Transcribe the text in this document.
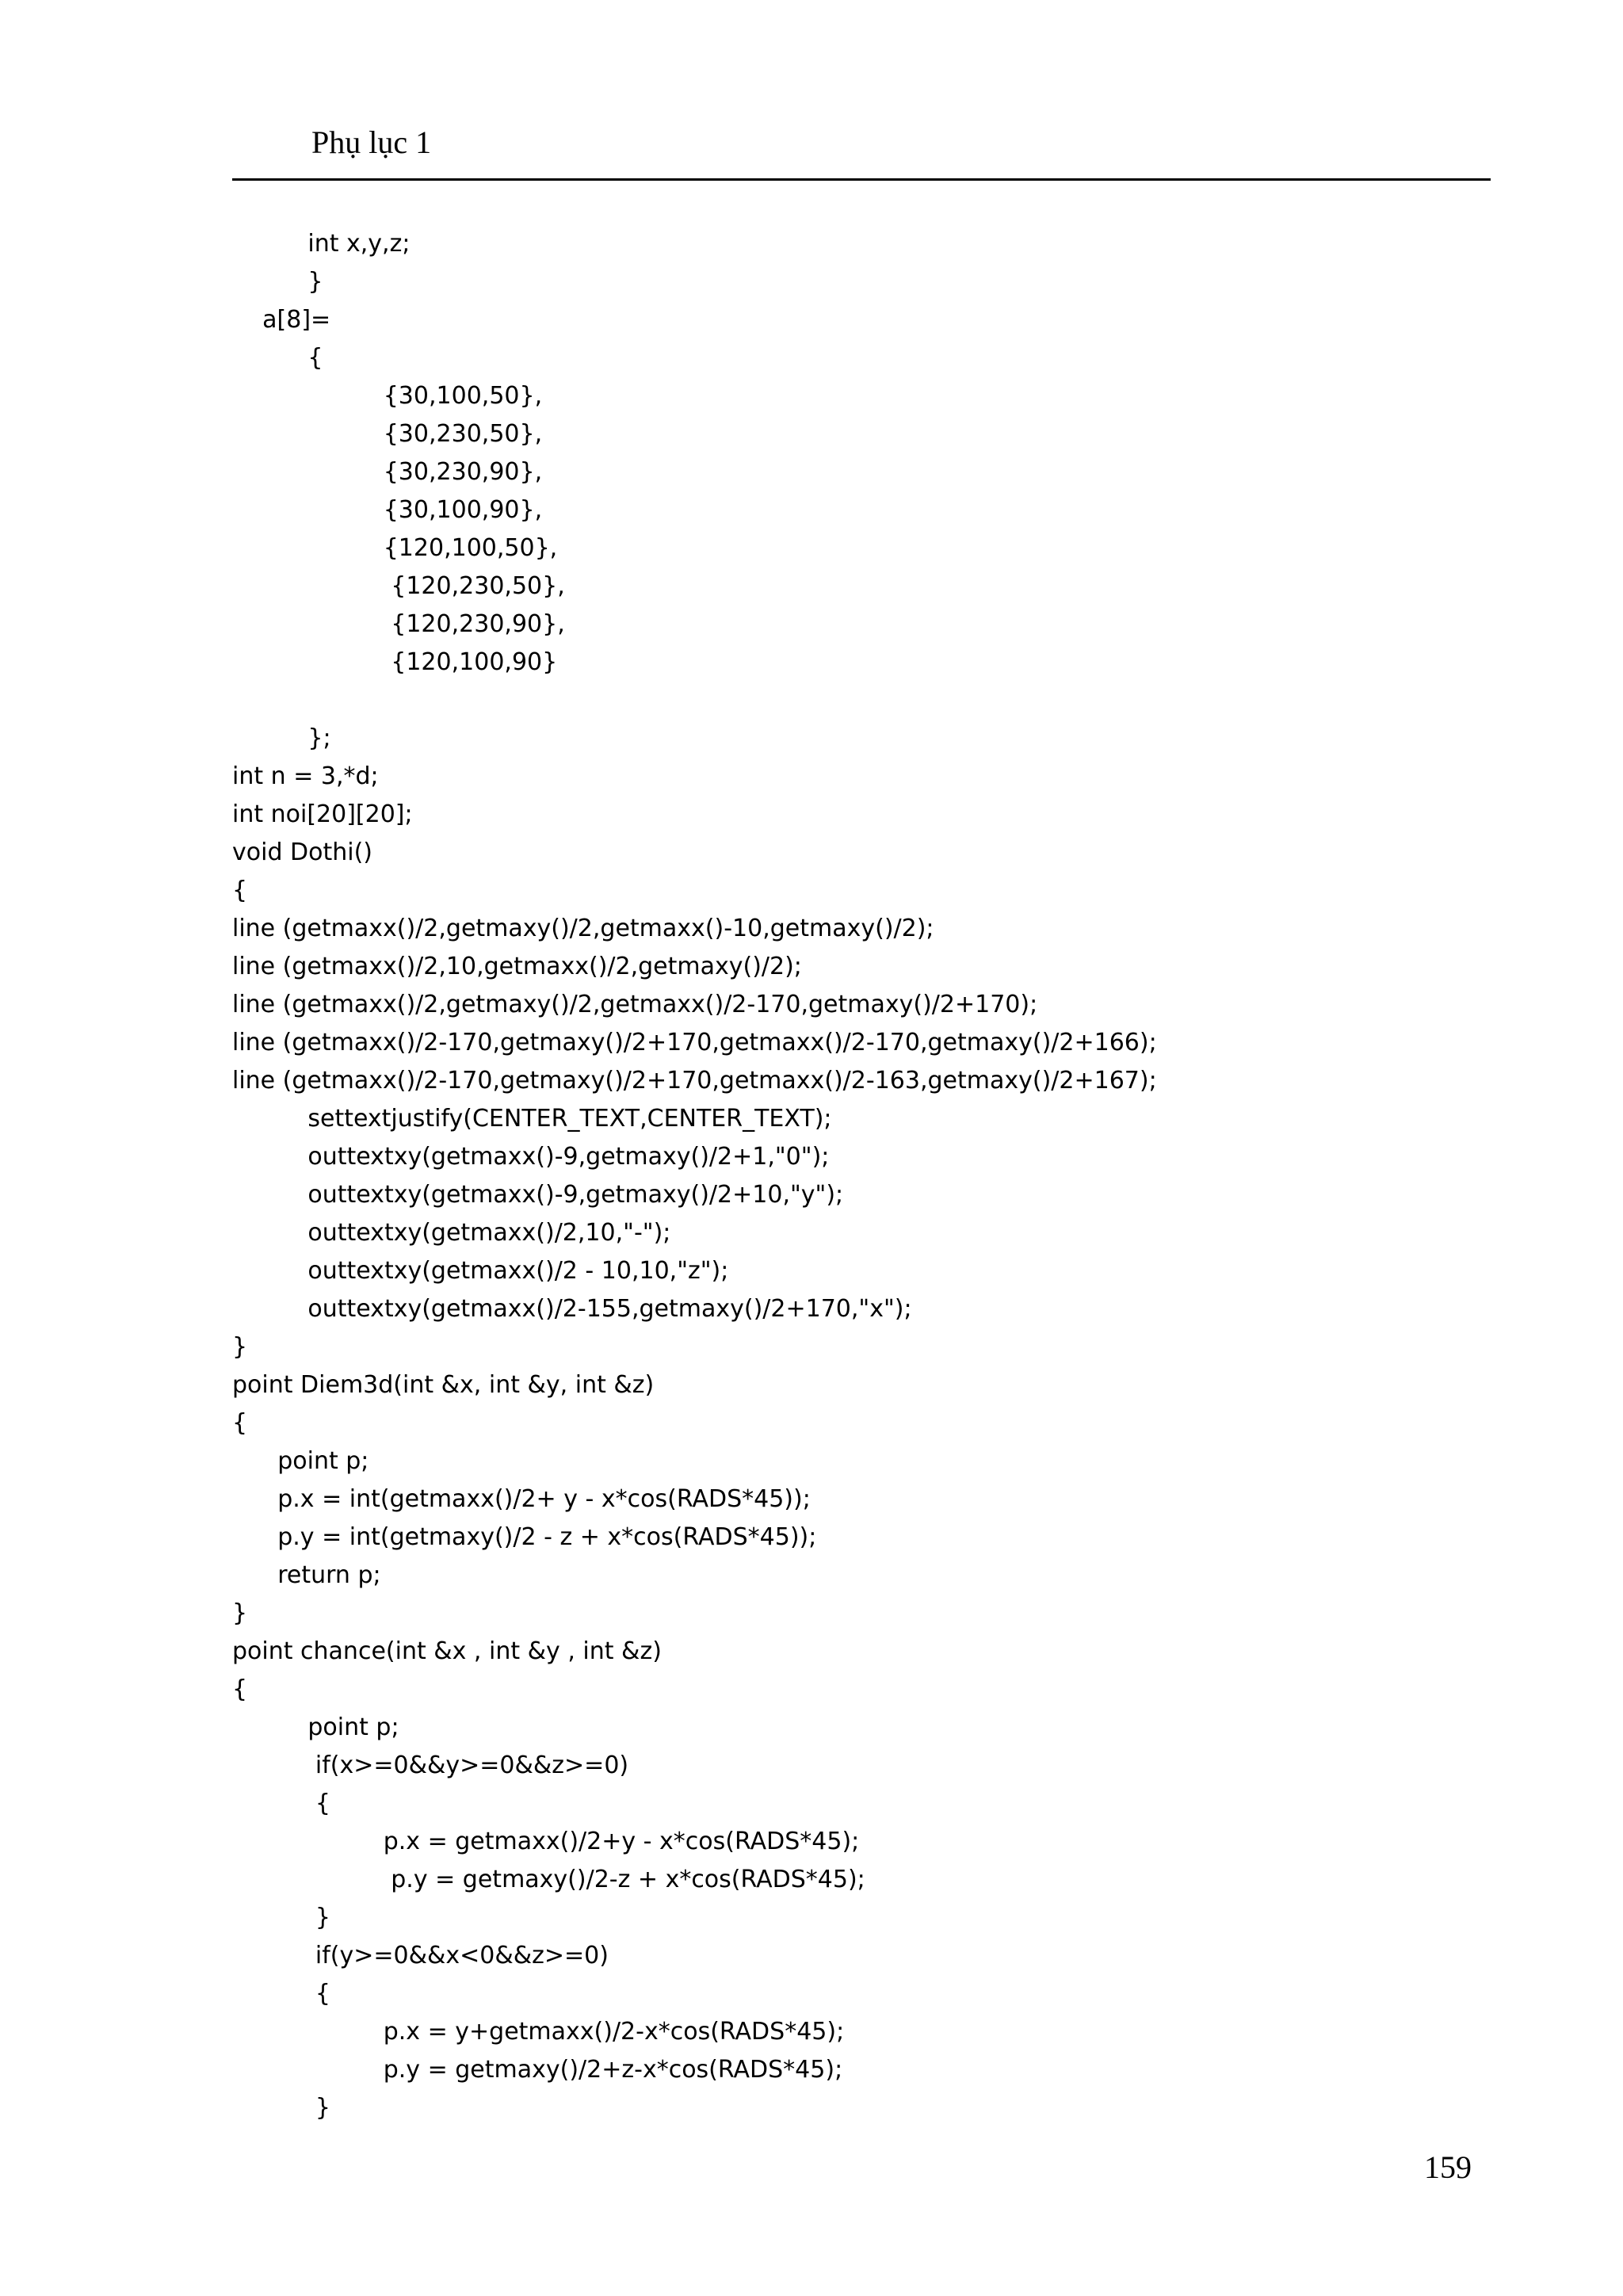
Phụ lục 1
int x,y,z;
}
a[8]=
{
{30,100,50},
{30,230,50},
{30,230,90},
{30,100,90},
{120,100,50},
{120,230,50},
{120,230,90},
{120,100,90}
};
int n = 3,*d;
int noi[20][20];
void Dothi()
{
line (getmaxx()/2,getmaxy()/2,getmaxx()-10,getmaxy()/2);
line (getmaxx()/2,10,getmaxx()/2,getmaxy()/2);
line (getmaxx()/2,getmaxy()/2,getmaxx()/2-170,getmaxy()/2+170);
line (getmaxx()/2-170,getmaxy()/2+170,getmaxx()/2-170,getmaxy()/2+166);
line (getmaxx()/2-170,getmaxy()/2+170,getmaxx()/2-163,getmaxy()/2+167);
settextjustify(CENTER_TEXT,CENTER_TEXT);
outtextxy(getmaxx()-9,getmaxy()/2+1,"0");
outtextxy(getmaxx()-9,getmaxy()/2+10,"y");
outtextxy(getmaxx()/2,10,"-");
outtextxy(getmaxx()/2 - 10,10,"z");
outtextxy(getmaxx()/2-155,getmaxy()/2+170,"x");
}
point Diem3d(int &x, int &y, int &z)
{
point p;
p.x = int(getmaxx()/2+ y - x*cos(RADS*45));
p.y = int(getmaxy()/2 - z + x*cos(RADS*45));
return p;
}
point chance(int &x , int &y , int &z)
{
point p;
if(x>=0&&y>=0&&z>=0)
{
p.x = getmaxx()/2+y - x*cos(RADS*45);
p.y = getmaxy()/2-z + x*cos(RADS*45);
}
if(y>=0&&x<0&&z>=0)
{
p.x = y+getmaxx()/2-x*cos(RADS*45);
p.y = getmaxy()/2+z-x*cos(RADS*45);
}
159
